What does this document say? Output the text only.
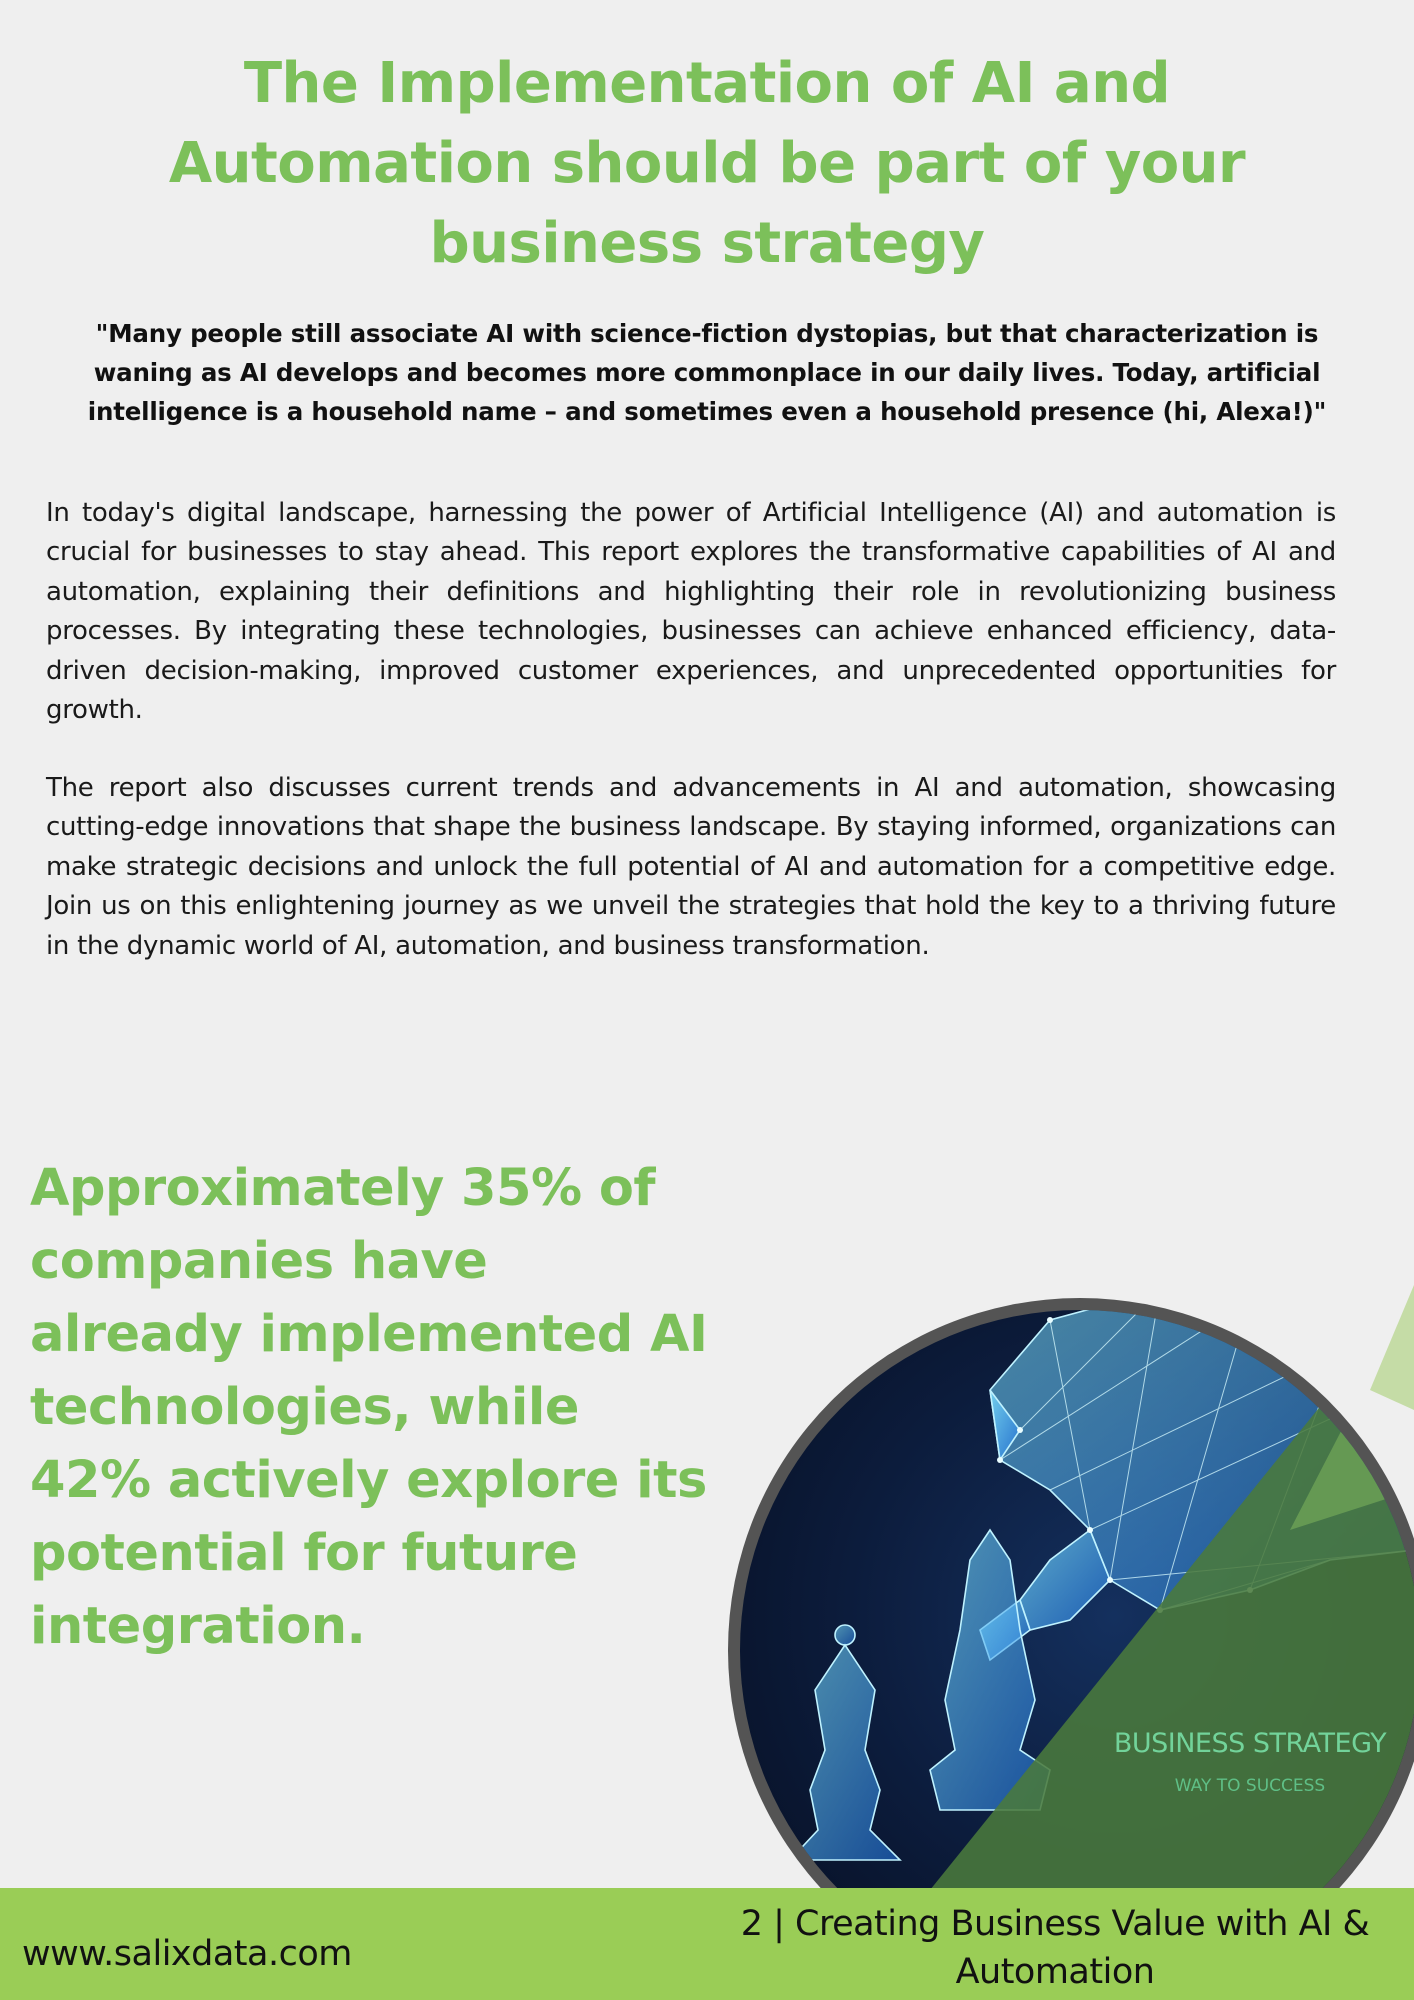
The Implementation of AI and Automation should be part of your business strategy

"Many people still associate AI with science-fiction dystopias, but that characterization is waning as AI develops and becomes more commonplace in our daily lives. Today, artificial intelligence is a household name – and sometimes even a household presence (hi, Alexa!)"

In today's digital landscape, harnessing the power of Artificial Intelligence (AI) and automation is crucial for businesses to stay ahead. This report explores the transformative capabilities of AI and automation, explaining their definitions and highlighting their role in revolutionizing business processes. By integrating these technologies, businesses can achieve enhanced efficiency, data-driven decision-making, improved customer experiences, and unprecedented opportunities for growth.

The report also discusses current trends and advancements in AI and automation, showcasing cutting-edge innovations that shape the business landscape. By staying informed, organizations can make strategic decisions and unlock the full potential of AI and automation for a competitive edge. Join us on this enlightening journey as we unveil the strategies that hold the key to a thriving future in the dynamic world of AI, automation, and business transformation.

Approximately 35% of companies have already implemented AI technologies, while 42% actively explore its potential for future integration.

BUSINESS STRATEGY
WAY TO SUCCESS
www.salixdata.com
2 | Creating Business Value with AI & Automation
